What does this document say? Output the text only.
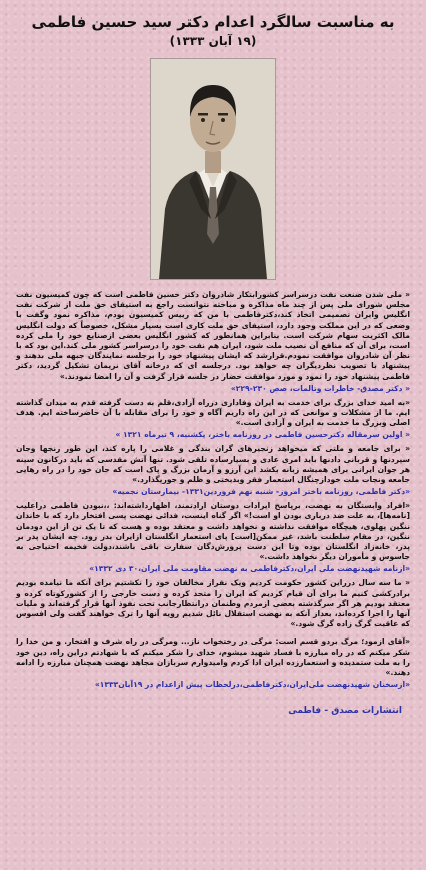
به مناسبت سالگرد اعدام دکتر سید حسین فاطمی
(۱۹ آبان ۱۳۳۳)
« ملی شدن صنعت نفت درسراسر کشورابتکار شادروان دکتر حسین فاطمی است که چون کمیسیون نفت مجلس شورای ملی پس از چند ماه مذاکره و مباحثه نتوانست راجع به استیفای حق ملت از شرکت نفت انگلیس وایران تصمیمی اتخاذ کند،دکترفاطمی با من که رییس کمیسیون بودم، مذاکره نمود وگفت با وضعی که در این مملکت وجود دارد، استیفای حق ملت کاری است بسیار مشکل، خصوصاً که دولت انگلیس مالک اکثریت سهام شرکت است. بنابراین همانطور که کشور انگلیس بعضی ازصنایع خود را ملی کرده است، برای آن که منافع آن نصیب ملت شود، ایران هم نفت خود را درسراسر کشور ملی کند.این بود که با نظر آن شادروان موافقت نمودم.قرارشد که ایشان پیشنهاد خود را برجلسه نمایندگان جبهه ملی بدهند و پیشنهاد با تصویب نظردیگران چه خواهد بود. درجلسه ای که درخانه آقای نریمان تشکیل گردید، دکتر فاطمی پیشنهاد خود را نمود و مورد موافقت حضار در جلسه قرار گرفت و آن را امضا نمودند.»
« دکتر مصدق- خاطرات وتالمات، صص ۲۳۰-۲۲۹»
«به امید خدای بزرگ برای خدمت به ایران وفاداری درراه آزادی،قلم به دست گرفته قدم به میدان گذاشته ایم. ما از مشکلات و موانعی که در این راه داریم آگاه و خود را برای مقابله با آن حاضرساخته ایم. هدف اصلی وبزرگ ما خدمت به ایران و آزادی است.»
« اولین سرمقاله دکترحسین فاطمی در روزنامه باختر، یکشنبه، ۹ تیرماه ۱۳۲۱ »
« برای جامعه و ملتی که میخواهد زنجیرهای گران بندگی و غلامی را پاره کند، این طور رنجها وجان سپردنها و قربانی دادنها باید امری عادی و بسیارساده تلقی شود. تنها آتش مقدسی که باید درکانون سینه هر جوان ایرانی برای همیشه زبانه بکشد این آرزو و آرمان بزرگ و پاک است که جان خود را در راه رهایی جامعه ونجات ملت خودازچنگال استعمار فقر وبدبختی و ظلم و جورپگذارد.»
«دکتر فاطمی، روزنامه باختر امروز- شنبه نهم فروردین۱۳۳۱- بیمارستان نجمیه»
«افراد وابستگان به نهضت، برپاسخ ایرادات دوستان ارادتمند، اظهارداشته‌اند: ،،نبودن فاطمی دراعلیب [نامه‌ها]، به علت ضد درباری بودن او است!» اگر گناه اینست، فدائی نهضت پسی افتخار دارد که با خاندان ننگین پهلوی، هیچگاه موافقت نداشته و نخواهد داشت و معتقد بوده و هست که تا یک تن از این دودمان ننگین، در مقام سلطنت باشد، غیر ممکن[است] پای استعمار انگلستان ازایران بدر رود. چه ایشان پدر بر پدر، خانه‌زاد انگلستان بوده وتا این دست پرورش‌دگان سفارت باقی باشند،دولت فخیمه احتیاجی به جاسوس و مأموران دیگر نخواهد داشت.»
«ازنامه شهیدنهضت ملی ایران،دکترفاطمی به نهضت مقاومت ملی ایران،۳۰ دی ۱۳۳۲»
« ما سه سال درراین کشور حکومت کردیم ویک نفراز مخالفان خود را نکشتیم برای آنکه ما نیامده بودیم برادرکشی کنیم ما برای آن قیام کردیم که ایران را متحد کرده و دست خارجی را از کشورکوتاه کرده و معتقد بودیم هر اگر سرگذشته بعضی ازمردم وطنمان درانتظارجانب تحت نفوذ آنها قرار گرفته‌اند و ملیات آنها را اجرا کرده‌اند، بعداز آنکه به نهضت استقلال نائل شدیم رویه آنها را ترک خواهند گفت ولی افسوس که عاقبت گرگ زاده گرگ شود.»
«آقای ازمود؛ مرگ بردو قسم است: مرگی در رختخواب ناز... ومرگی در راه شرف و افتخار. و من خدا را شکر میکنم که در راه مبارزه با فساد شهید میشوم، خدای را شکر میکنم که با شهادتم دراین راه، دین خود را به ملت ستمدیده و استعمارزده ایران ادا کردم وامیدوارم سربازان مجاهد نهضت همچنان مبارزه را ادامه دهند.»
«ازسخنان شهیدنهضت ملی‌ایران،دکترفاطمی،درلحظات پیش ازاعدام در ۱۹آبان۱۳۳۳»
انتشارات مصدق - فاطمی
